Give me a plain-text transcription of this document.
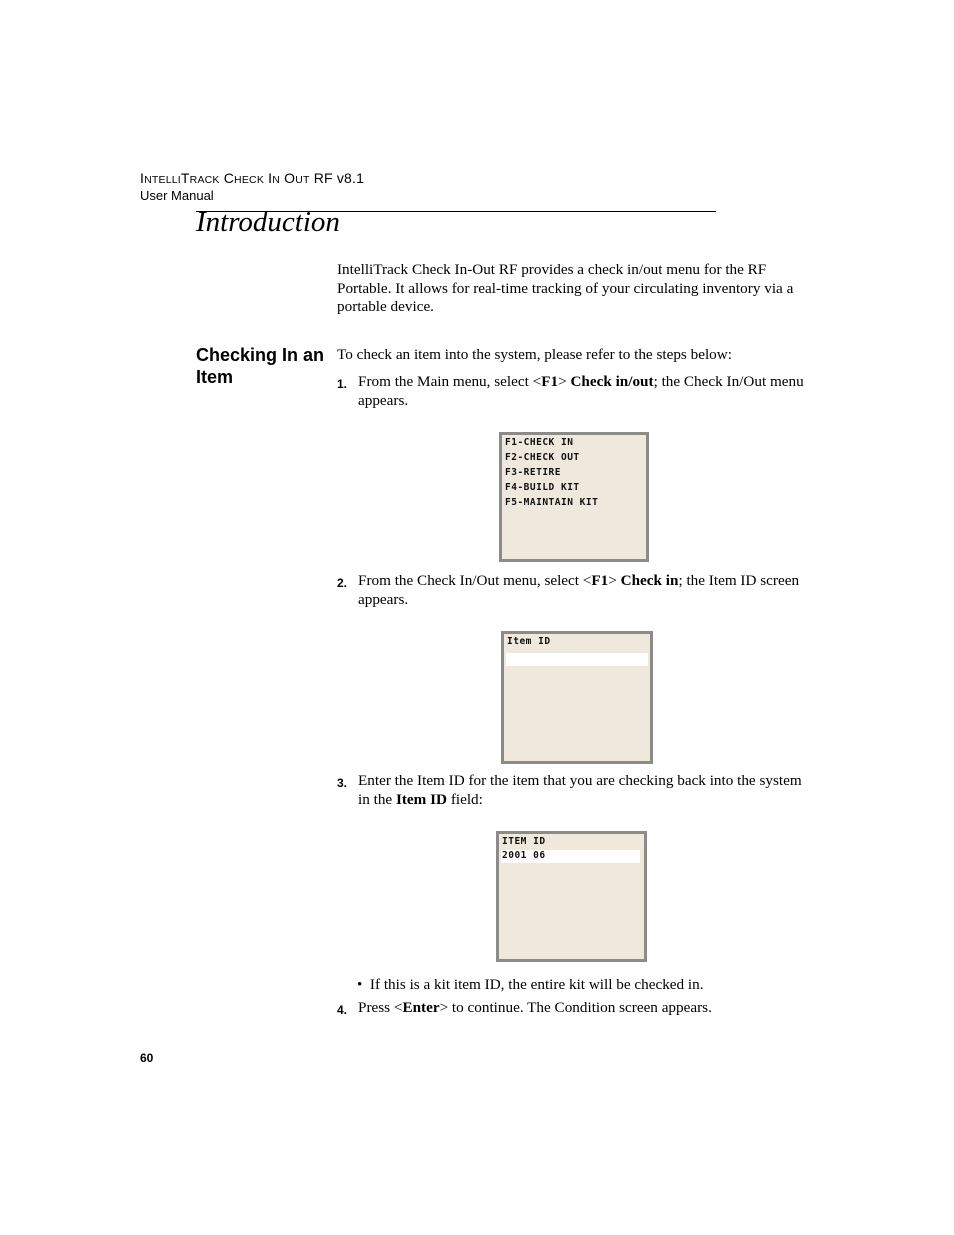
INTELLITRACK CHECK IN OUT RF v8.1
User Manual
Introduction
IntelliTrack Check In-Out RF provides a check in/out menu for the RF Portable. It allows for real-time tracking of your circulating inventory via a portable device.
Checking In an Item
To check an item into the system, please refer to the steps below:
1. From the Main menu, select <F1> Check in/out; the Check In/Out menu appears.
F1-CHECK IN
F2-CHECK OUT
F3-RETIRE
F4-BUILD KIT
F5-MAINTAIN KIT
2. From the Check In/Out menu, select <F1> Check in; the Item ID screen appears.
Item ID
3. Enter the Item ID for the item that you are checking back into the system in the Item ID field:
ITEM ID
2001 06
• If this is a kit item ID, the entire kit will be checked in.
4. Press <Enter> to continue. The Condition screen appears.
60
